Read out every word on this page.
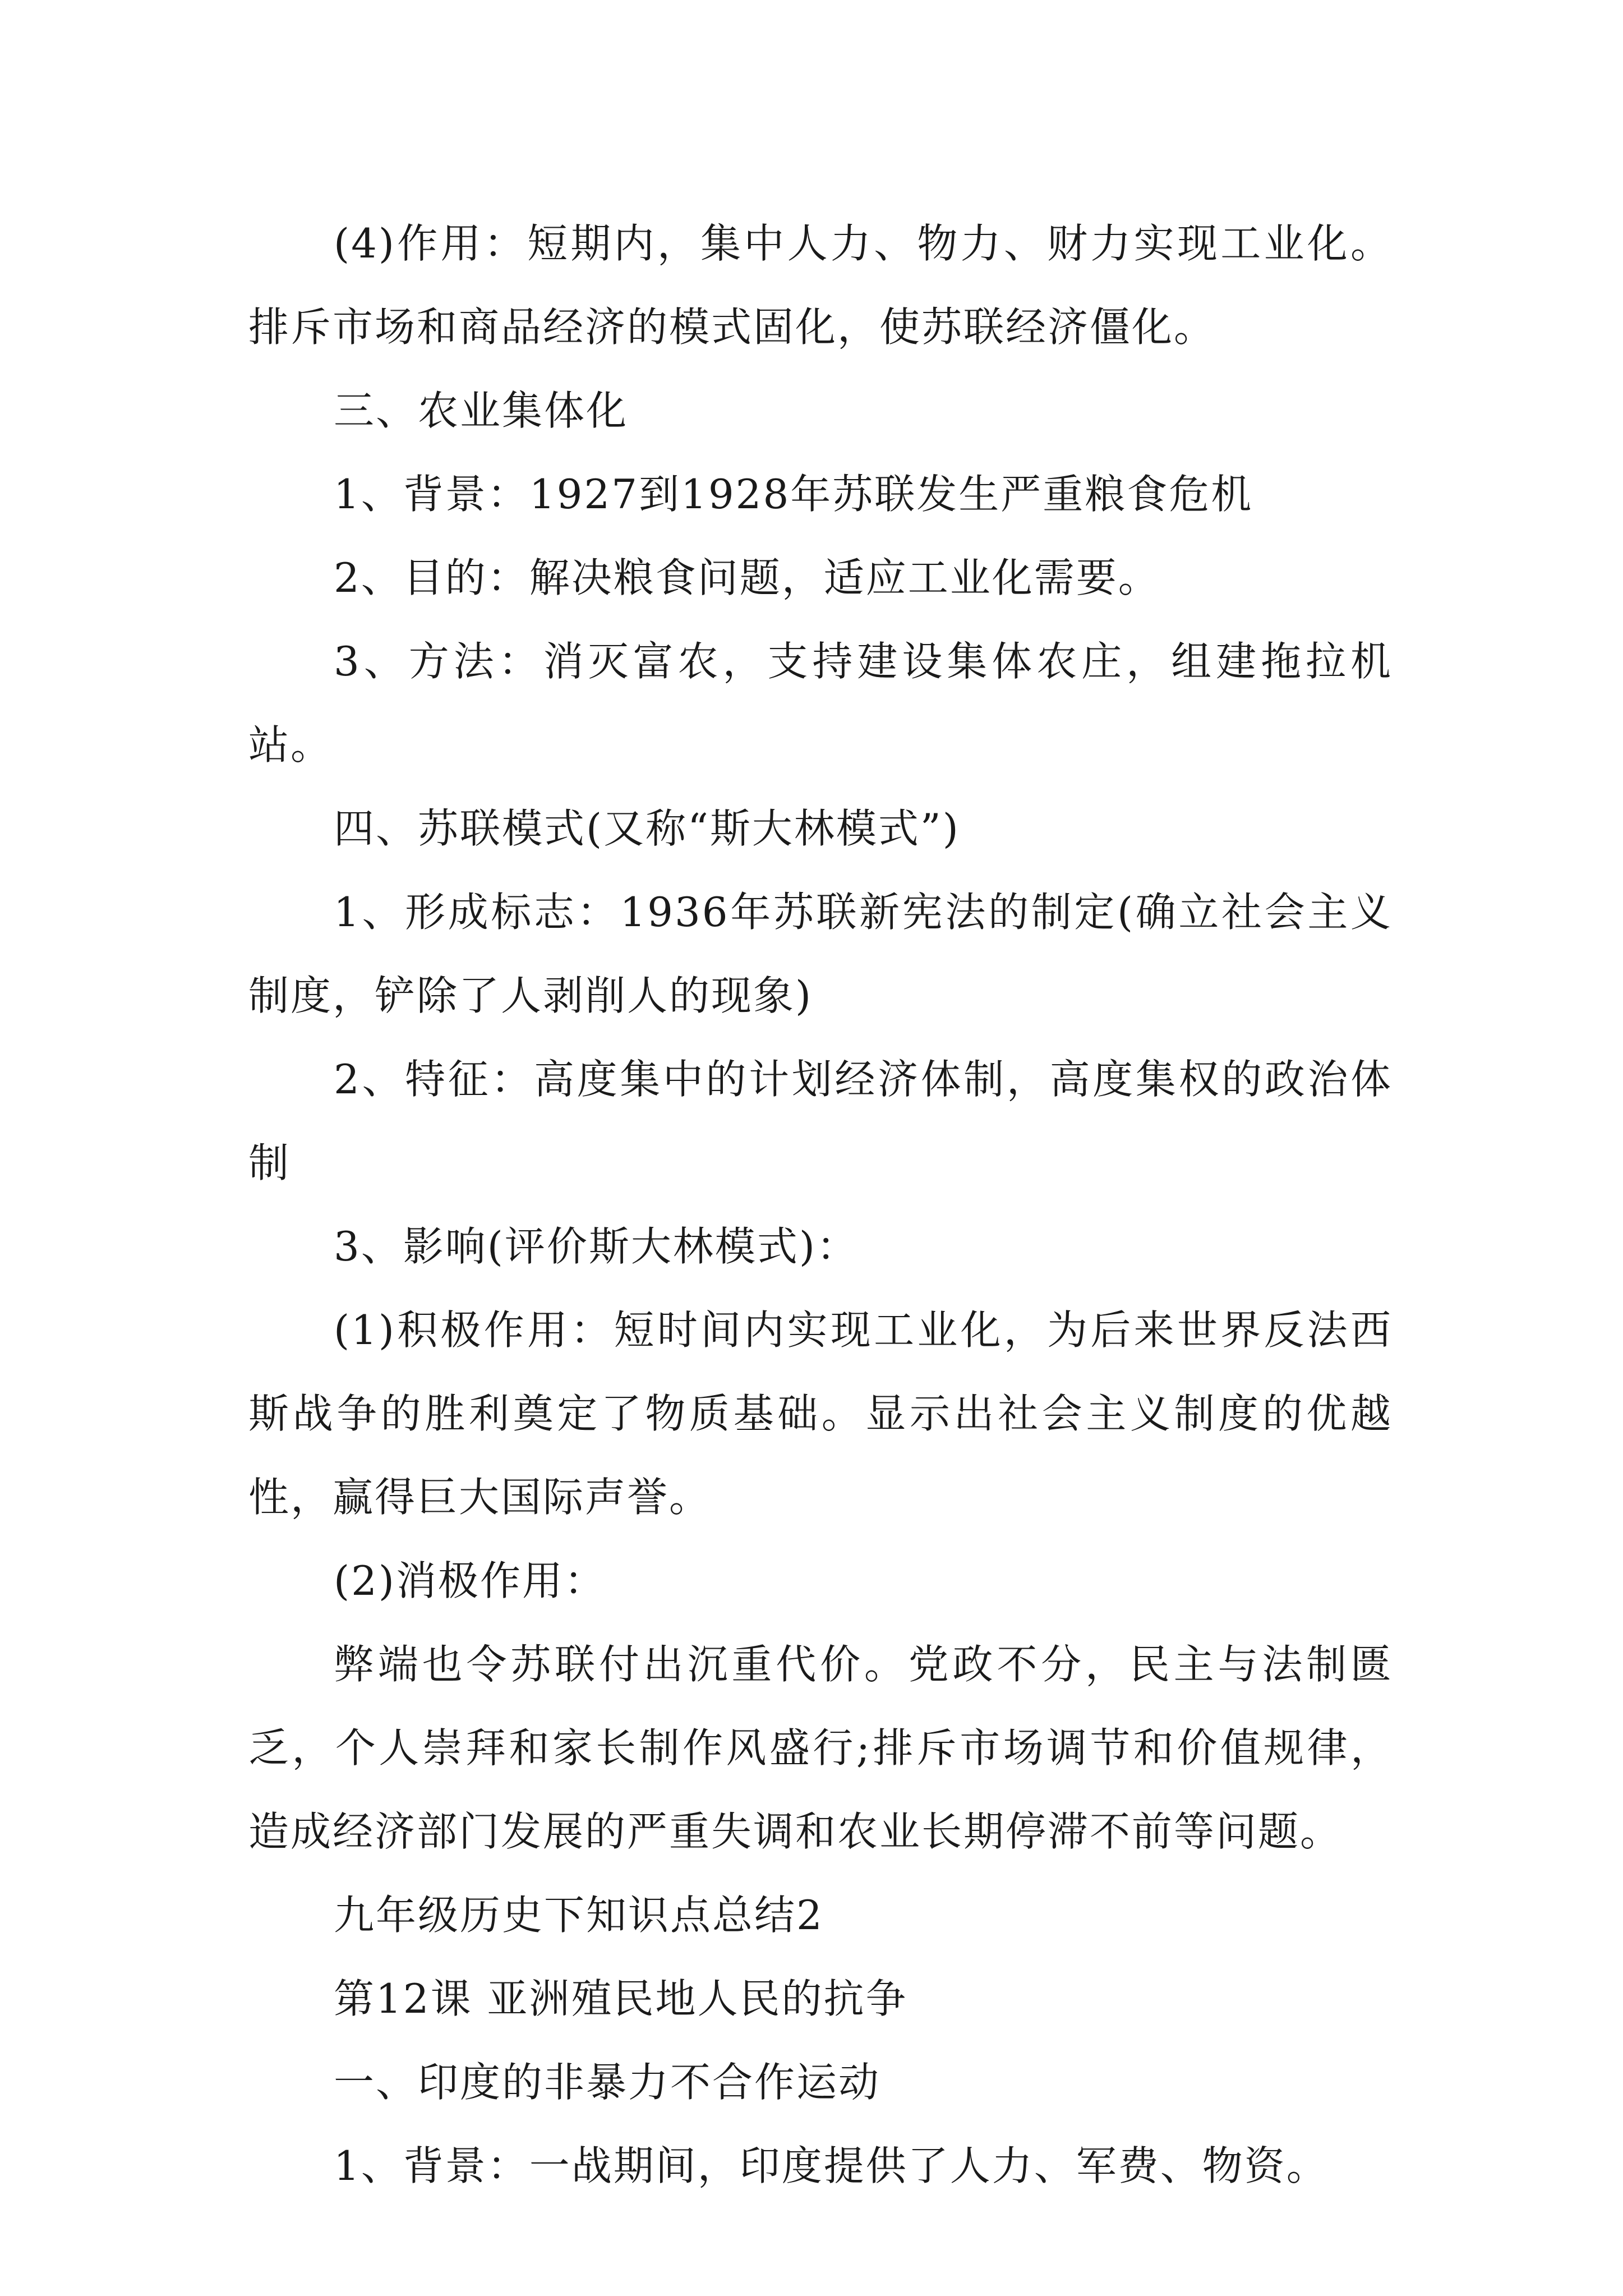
(4)作用：短期内，集中人力、物力、财力实现工业化。排斥市场和商品经济的模式固化，使苏联经济僵化。

三、农业集体化

1、背景：1927到1928年苏联发生严重粮食危机

2、目的：解决粮食问题，适应工业化需要。

3、方法：消灭富农，支持建设集体农庄，组建拖拉机站。

四、苏联模式(又称“斯大林模式”)

1、形成标志：1936年苏联新宪法的制定(确立社会主义制度，铲除了人剥削人的现象)

2、特征：高度集中的计划经济体制，高度集权的政治体制

3、影响(评价斯大林模式)：

(1)积极作用：短时间内实现工业化，为后来世界反法西斯战争的胜利奠定了物质基础。显示出社会主义制度的优越性，赢得巨大国际声誉。

(2)消极作用：

弊端也令苏联付出沉重代价。党政不分，民主与法制匮乏，个人崇拜和家长制作风盛行;排斥市场调节和价值规律，造成经济部门发展的严重失调和农业长期停滞不前等问题。

九年级历史下知识点总结2

第12课 亚洲殖民地人民的抗争

一、印度的非暴力不合作运动

1、背景：一战期间，印度提供了人力、军费、物资。
